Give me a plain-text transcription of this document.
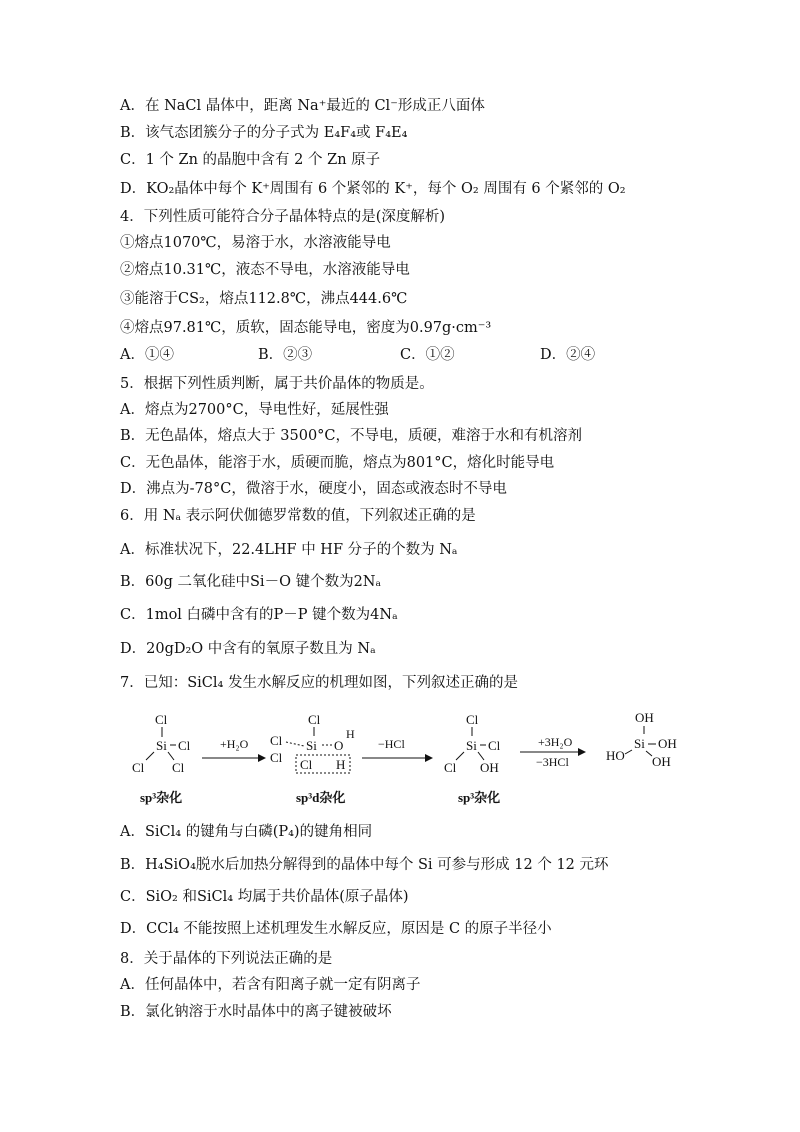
A．在 NaCl 晶体中，距离 Na⁺最近的 Cl⁻形成正八面体
B．该气态团簇分子的分子式为 E₄F₄或 F₄E₄
C．1 个 Zn 的晶胞中含有 2 个 Zn 原子
D．KO₂晶体中每个 K⁺周围有 6 个紧邻的 K⁺，每个 O₂ 周围有 6 个紧邻的 O₂
4．下列性质可能符合分子晶体特点的是(深度解析)
①熔点1070℃，易溶于水，水溶液能导电
②熔点10.31℃，液态不导电，水溶液能导电
③能溶于CS₂，熔点112.8℃，沸点444.6℃
④熔点97.81℃，质软，固态能导电，密度为0.97g·cm⁻³
A．①④	B．②③	C．①②	D．②④
5．根据下列性质判断，属于共价晶体的物质是。
A．熔点为2700°C，导电性好，延展性强
B．无色晶体，熔点大于 3500°C，不导电，质硬，难溶于水和有机溶剂
C．无色晶体，能溶于水，质硬而脆，熔点为801°C，熔化时能导电
D．沸点为-78°C，微溶于水，硬度小，固态或液态时不导电
6．用 Nₐ 表示阿伏伽德罗常数的值，下列叙述正确的是
A．标准状况下，22.4LHF 中 HF 分子的个数为 Nₐ
B．60g 二氧化硅中Si－O 键个数为2Nₐ
C．1mol 白磷中含有的P－P 键个数为4Nₐ
D．20gD₂O 中含有的氧原子数且为 Nₐ
7．已知：SiCl₄ 发生水解反应的机理如图，下列叙述正确的是
Cl
Si Cl
Cl Cl
+H₂O
Cl
Cl
Cl
Si O
H
Cl H
−HCl
Cl
Si Cl
Cl OH
+3H₂O
−3HCl
OH
HO
Si OH
OH
sp³杂化	sp³d杂化	sp³杂化
A．SiCl₄ 的键角与白磷(P₄)的键角相同
B．H₄SiO₄脱水后加热分解得到的晶体中每个 Si 可参与形成 12 个 12 元环
C．SiO₂ 和SiCl₄ 均属于共价晶体(原子晶体)
D．CCl₄ 不能按照上述机理发生水解反应，原因是 C 的原子半径小
8．关于晶体的下列说法正确的是
A．任何晶体中，若含有阳离子就一定有阴离子
B．氯化钠溶于水时晶体中的离子键被破坏
